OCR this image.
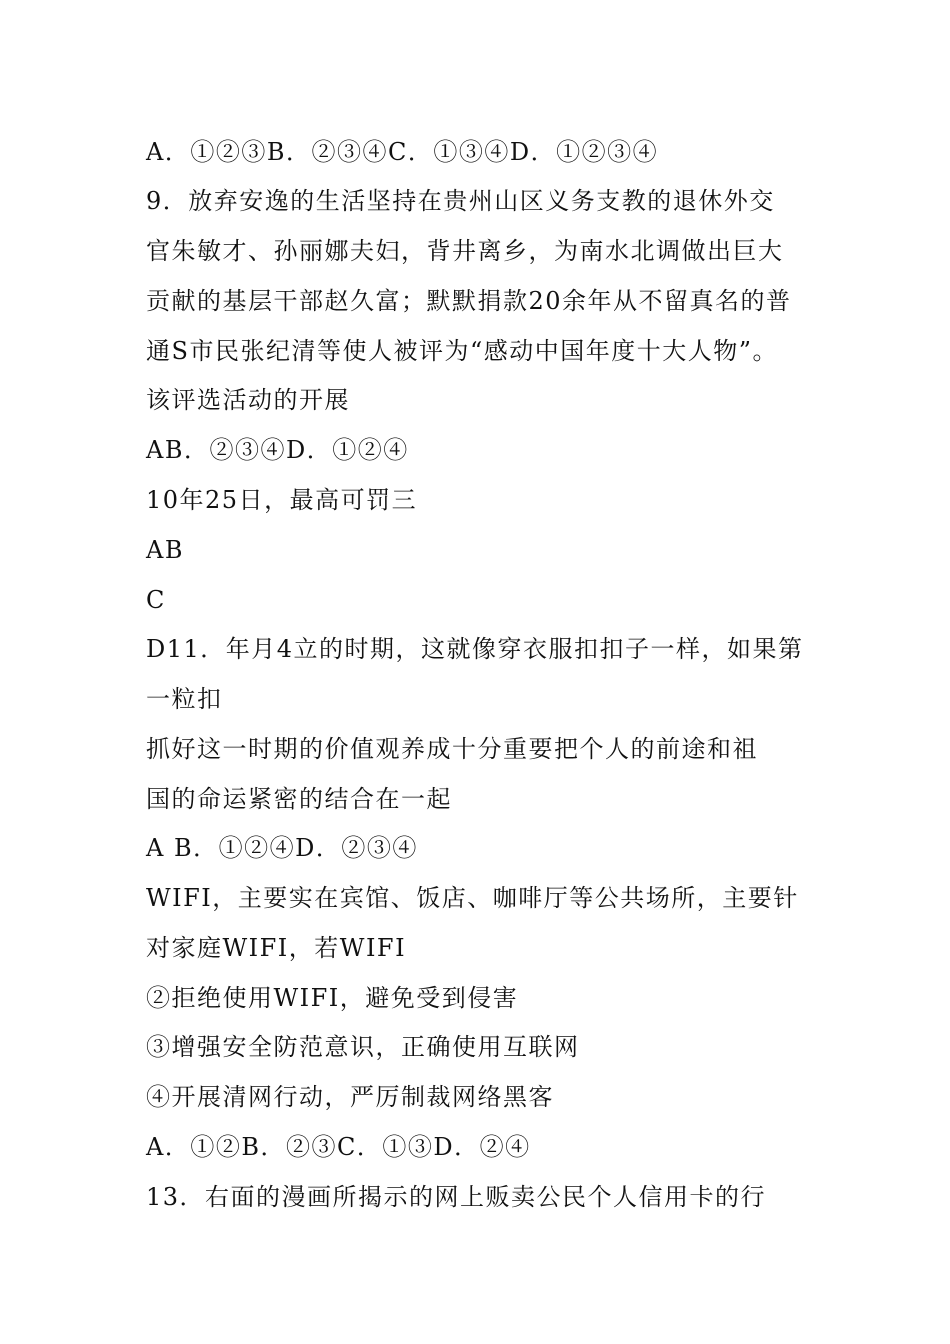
A．①②③B．②③④C．①③④D．①②③④
9．放弃安逸的生活坚持在贵州山区义务支教的退休外交
官朱敏才、孙丽娜夫妇，背井离乡，为南水北调做出巨大
贡献的基层干部赵久富；默默捐款20余年从不留真名的普
通S市民张纪清等使人被评为“感动中国年度十大人物”。
该评选活动的开展
AB．②③④D．①②④
10年25日，最高可罚三
AB
C
D11．年月4立的时期，这就像穿衣服扣扣子一样，如果第
一粒扣
抓好这一时期的价值观养成十分重要把个人的前途和祖
国的命运紧密的结合在一起
A B．①②④D．②③④
WIFI，主要实在宾馆、饭店、咖啡厅等公共场所，主要针
对家庭WIFI，若WIFI
②拒绝使用WIFI，避免受到侵害
③增强安全防范意识，正确使用互联网
④开展清网行动，严厉制裁网络黑客
A．①②B．②③C．①③D．②④
13．右面的漫画所揭示的网上贩卖公民个人信用卡的行
